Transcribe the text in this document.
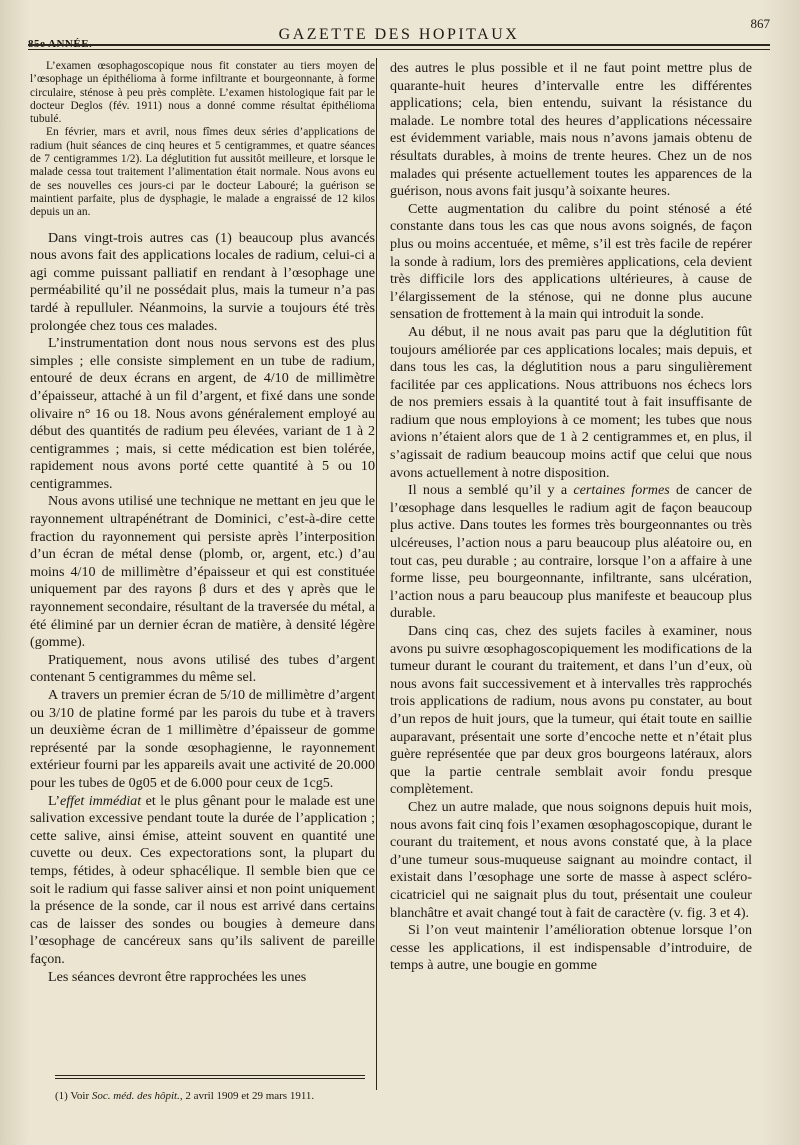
85e ANNÉE.
GAZETTE DES HOPITAUX
867

L’examen œsophagoscopique nous fit constater au tiers moyen de l’œsophage un épithélioma à forme infiltrante et bourgeonnante, à forme circulaire, sténose à peu près complète. L’examen histologique fait par le docteur Deglos (fév. 1911) nous a donné comme résultat épithélioma tubulé.

En février, mars et avril, nous fîmes deux séries d’applications de radium (huit séances de cinq heures et 5 centigrammes, et quatre séances de 7 centigrammes 1/2). La déglutition fut aussitôt meilleure, et lorsque le malade cessa tout traitement l’alimentation était normale. Nous avons eu de ses nouvelles ces jours-ci par le docteur Labouré; la guérison se maintient parfaite, plus de dysphagie, le malade a engraissé de 12 kilos depuis un an.

Dans vingt-trois autres cas (1) beaucoup plus avancés nous avons fait des applications locales de radium, celui-ci a agi comme puissant palliatif en rendant à l’œsophage une perméabilité qu’il ne possédait plus, mais la tumeur n’a pas tardé à repulluler. Néanmoins, la survie a toujours été très prolongée chez tous ces malades.

L’instrumentation dont nous nous servons est des plus simples ; elle consiste simplement en un tube de radium, entouré de deux écrans en argent, de 4/10 de millimètre d’épaisseur, attaché à un fil d’argent, et fixé dans une sonde olivaire n° 16 ou 18. Nous avons généralement employé au début des quantités de radium peu élevées, variant de 1 à 2 centigrammes ; mais, si cette médication est bien tolérée, rapidement nous avons porté cette quantité à 5 ou 10 centigrammes.

Nous avons utilisé une technique ne mettant en jeu que le rayonnement ultrapénétrant de Dominici, c’est-à-dire cette fraction du rayonnement qui persiste après l’interposition d’un écran de métal dense (plomb, or, argent, etc.) d’au moins 4/10 de millimètre d’épaisseur et qui est constituée uniquement par des rayons β durs et des γ après que le rayonnement secondaire, résultant de la traversée du métal, a été éliminé par un dernier écran de matière, à densité légère (gomme).

Pratiquement, nous avons utilisé des tubes d’argent contenant 5 centigrammes du même sel.

A travers un premier écran de 5/10 de millimètre d’argent ou 3/10 de platine formé par les parois du tube et à travers un deuxième écran de 1 millimètre d’épaisseur de gomme représenté par la sonde œsophagienne, le rayonnement extérieur fourni par les appareils avait une activité de 20.000 pour les tubes de 0g05 et de 6.000 pour ceux de 1cg5.

L’effet immédiat et le plus gênant pour le malade est une salivation excessive pendant toute la durée de l’application ; cette salive, ainsi émise, atteint souvent en quantité une cuvette ou deux. Ces expectorations sont, la plupart du temps, fétides, à odeur sphacélique. Il semble bien que ce soit le radium qui fasse saliver ainsi et non point uniquement la présence de la sonde, car il nous est arrivé dans certains cas de laisser des sondes ou bougies à demeure dans l’œsophage de cancéreux sans qu’ils salivent de pareille façon.

Les séances devront être rapprochées les unes

des autres le plus possible et il ne faut point mettre plus de quarante-huit heures d’intervalle entre les différentes applications; cela, bien entendu, suivant la résistance du malade. Le nombre total des heures d’applications nécessaire est évidemment variable, mais nous n’avons jamais obtenu de résultats durables, à moins de trente heures. Chez un de nos malades qui présente actuellement toutes les apparences de la guérison, nous avons fait jusqu’à soixante heures.

Cette augmentation du calibre du point sténosé a été constante dans tous les cas que nous avons soignés, de façon plus ou moins accentuée, et même, s’il est très facile de repérer la sonde à radium, lors des premières applications, cela devient très difficile lors des applications ultérieures, à cause de l’élargissement de la sténose, qui ne donne plus aucune sensation de frottement à la main qui introduit la sonde.

Au début, il ne nous avait pas paru que la déglutition fût toujours améliorée par ces applications locales; mais depuis, et dans tous les cas, la déglutition nous a paru singulièrement facilitée par ces applications. Nous attribuons nos échecs lors de nos premiers essais à la quantité tout à fait insuffisante de radium que nous employions à ce moment; les tubes que nous avions n’étaient alors que de 1 à 2 centigrammes et, en plus, il s’agissait de radium beaucoup moins actif que celui que nous avons actuellement à notre disposition.

Il nous a semblé qu’il y a certaines formes de cancer de l’œsophage dans lesquelles le radium agit de façon beaucoup plus active. Dans toutes les formes très bourgeonnantes ou très ulcéreuses, l’action nous a paru beaucoup plus aléatoire ou, en tout cas, peu durable ; au contraire, lorsque l’on a affaire à une forme lisse, peu bourgeonnante, infiltrante, sans ulcération, l’action nous a paru beaucoup plus manifeste et beaucoup plus durable.

Dans cinq cas, chez des sujets faciles à examiner, nous avons pu suivre œsophagoscopiquement les modifications de la tumeur durant le courant du traitement, et dans l’un d’eux, où nous avons fait successivement et à intervalles très rapprochés trois applications de radium, nous avons pu constater, au bout d’un repos de huit jours, que la tumeur, qui était toute en saillie auparavant, présentait une sorte d’encoche nette et n’était plus guère représentée que par deux gros bourgeons latéraux, alors que la partie centrale semblait avoir fondu presque complètement.

Chez un autre malade, que nous soignons depuis huit mois, nous avons fait cinq fois l’examen œsophagoscopique, durant le courant du traitement, et nous avons constaté que, à la place d’une tumeur sous-muqueuse saignant au moindre contact, il existait dans l’œsophage une sorte de masse à aspect scléro-cicatriciel qui ne saignait plus du tout, présentait une couleur blanchâtre et avait changé tout à fait de caractère (v. fig. 3 et 4).

Si l’on veut maintenir l’amélioration obtenue lorsque l’on cesse les applications, il est indispensable d’introduire, de temps à autre, une bougie en gomme

(1) Voir Soc. méd. des hôpit., 2 avril 1909 et 29 mars 1911.
